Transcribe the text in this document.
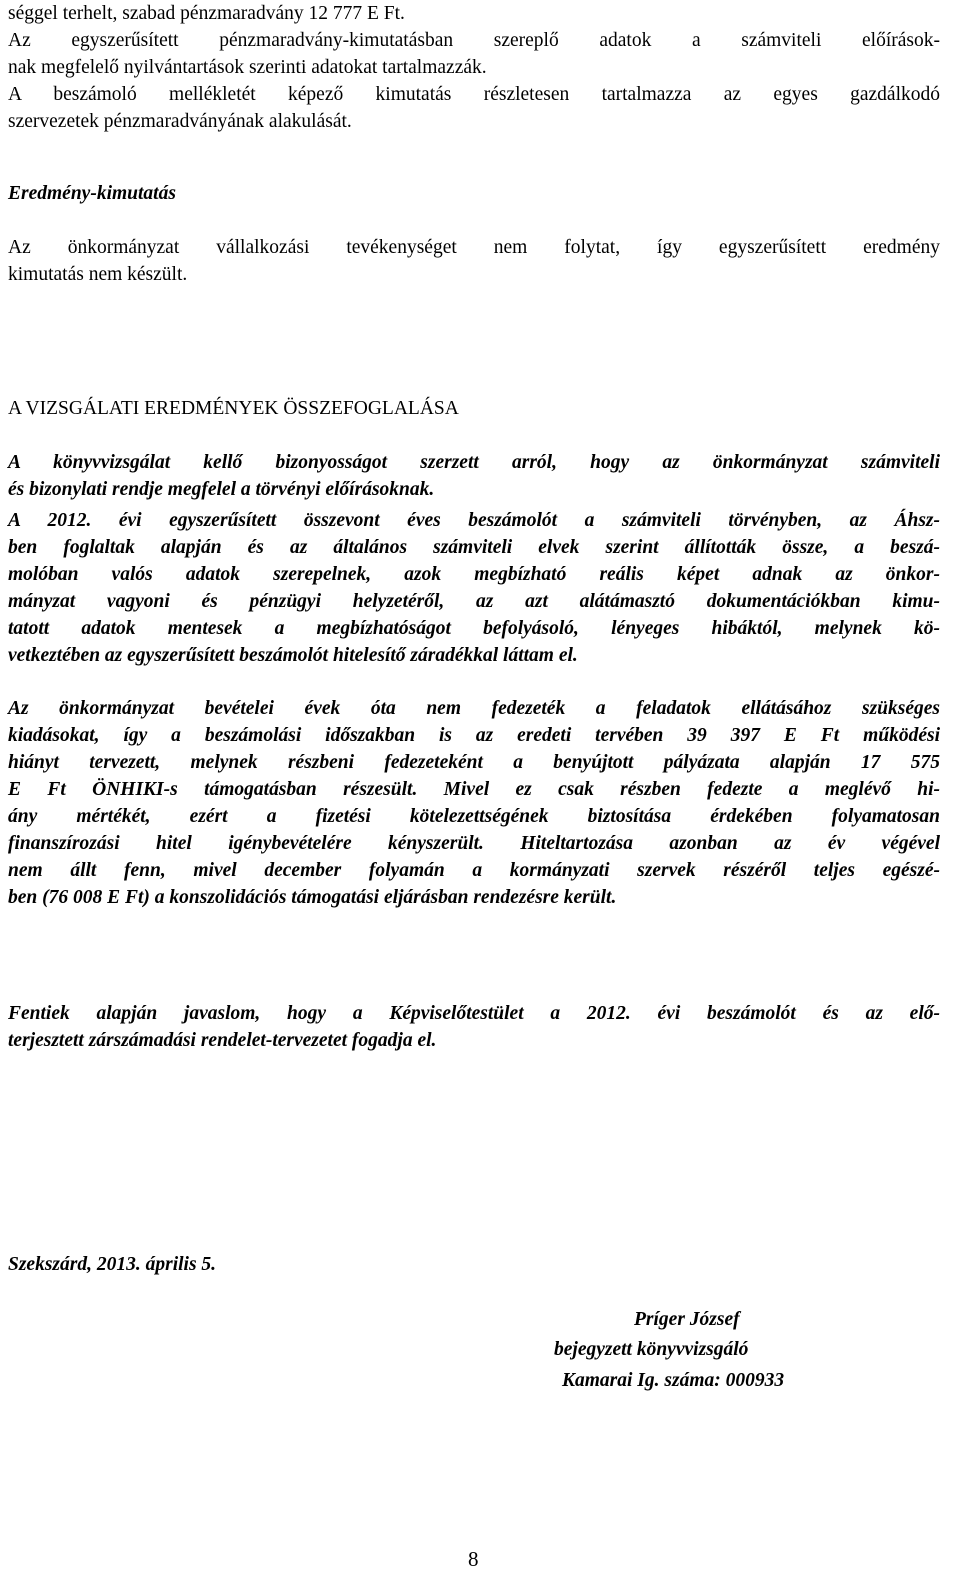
séggel terhelt, szabad pénzmaradvány 12 777 E Ft.
Az egyszerűsített pénzmaradvány-kimutatásban szereplő adatok a számviteli előírások-
nak megfelelő nyilvántartások szerinti adatokat tartalmazzák.
A beszámoló mellékletét képező kimutatás részletesen tartalmazza az egyes gazdálkodó
szervezetek pénzmaradványának alakulását.
Eredmény-kimutatás
Az önkormányzat vállalkozási tevékenységet nem folytat, így egyszerűsített eredmény
kimutatás nem készült.
A VIZSGÁLATI EREDMÉNYEK ÖSSZEFOGLALÁSA
A könyvvizsgálat kellő bizonyosságot szerzett arról, hogy az önkormányzat számviteli
és bizonylati rendje megfelel a törvényi előírásoknak.
A 2012. évi egyszerűsített összevont éves beszámolót a számviteli törvényben, az Áhsz-
ben foglaltak alapján és az általános számviteli elvek szerint állították össze, a beszá-
molóban valós adatok szerepelnek, azok megbízható reális képet adnak az önkor-
mányzat vagyoni és pénzügyi helyzetéről, az azt alátámasztó dokumentációkban kimu-
tatott adatok mentesek a megbízhatóságot befolyásoló, lényeges hibáktól, melynek kö-
vetkeztében az egyszerűsített beszámolót hitelesítő záradékkal láttam el.
Az önkormányzat bevételei évek óta nem fedezeték a feladatok ellátásához szükséges
kiadásokat, így a beszámolási időszakban is az eredeti tervében 39 397 E Ft működési
hiányt tervezett, melynek részbeni fedezeteként a benyújtott pályázata alapján 17 575
E Ft ÖNHIKI-s támogatásban részesült. Mivel ez csak részben fedezte a meglévő hi-
ány mértékét, ezért a fizetési kötelezettségének biztosítása érdekében folyamatosan
finanszírozási hitel igénybevételére kényszerült. Hiteltartozása azonban az év végével
nem állt fenn, mivel december folyamán a kormányzati szervek részéről teljes egészé-
ben (76 008 E Ft) a konszolidációs támogatási eljárásban rendezésre került.
Fentiek alapján javaslom, hogy a Képviselőtestület a 2012. évi beszámolót és az elő-
terjesztett zárszámadási rendelet-tervezetet fogadja el.
Szekszárd, 2013. április 5.
Príger József
bejegyzett könyvvizsgáló
Kamarai Ig. száma: 000933
8
